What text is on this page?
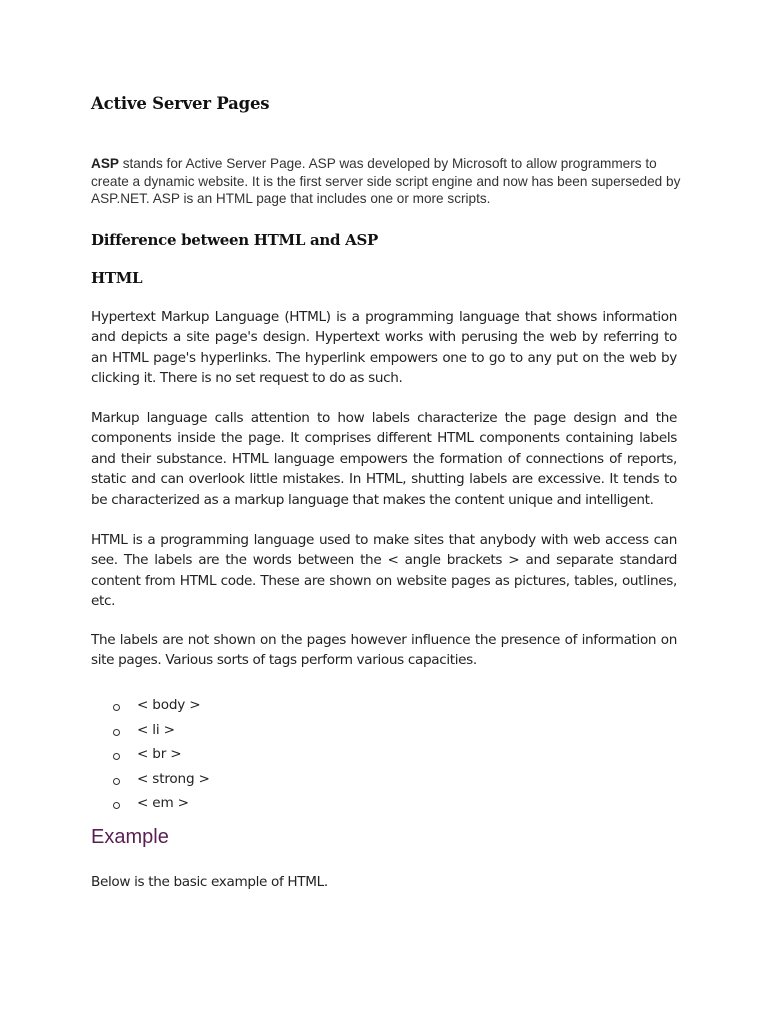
Active Server Pages

ASP stands for Active Server Page. ASP was developed by Microsoft to allow programmers to create a dynamic website. It is the first server side script engine and now has been superseded by ASP.NET. ASP is an HTML page that includes one or more scripts.

Difference between HTML and ASP
HTML

Hypertext Markup Language (HTML) is a programming language that shows information and depicts a site page's design. Hypertext works with perusing the web by referring to an HTML page's hyperlinks. The hyperlink empowers one to go to any put on the web by clicking it. There is no set request to do as such.

Markup language calls attention to how labels characterize the page design and the components inside the page. It comprises different HTML components containing labels and their substance. HTML language empowers the formation of connections of reports, static and can overlook little mistakes. In HTML, shutting labels are excessive. It tends to be characterized as a markup language that makes the content unique and intelligent.

HTML is a programming language used to make sites that anybody with web access can see. The labels are the words between the < angle brackets > and separate standard content from HTML code. These are shown on website pages as pictures, tables, outlines, etc.

The labels are not shown on the pages however influence the presence of information on site pages. Various sorts of tags perform various capacities.

< body >
< li >
< br >
< strong >
< em >
Example

Below is the basic example of HTML.
